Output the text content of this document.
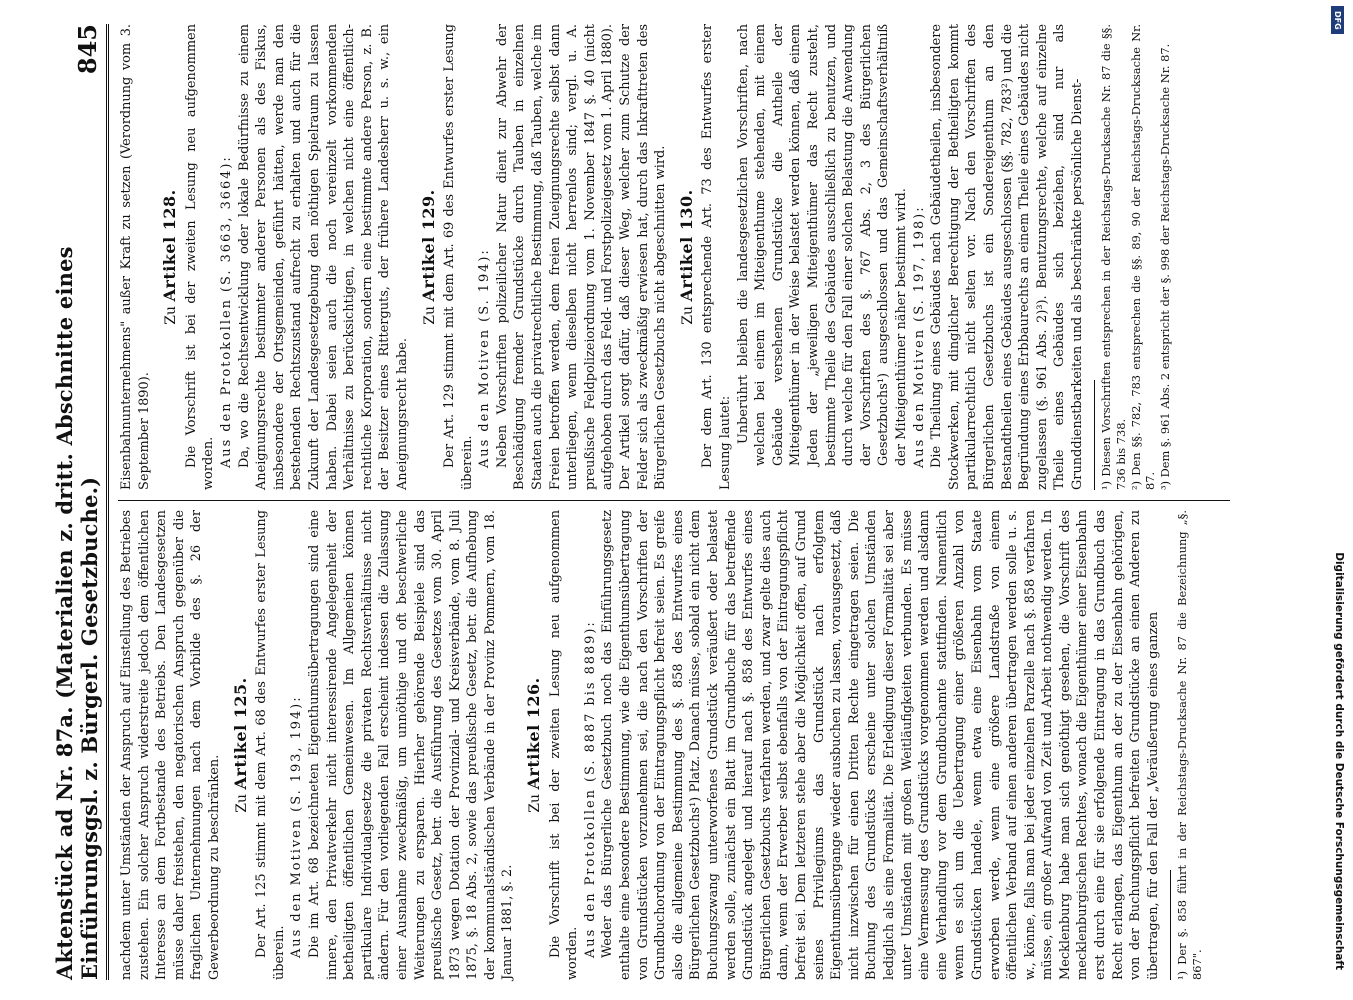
Aktenstück ad Nr. 87a. (Materialien z. dritt. Abschnitte eines Einführungsgsl. z. Bürgerl. Gesetzbuche.)
845

nachdem unter Umständen der Anspruch auf Einstellung des Betriebes zustehen. Ein solcher Anspruch widerstreite jedoch dem öffentlichen Interesse an dem Fortbestande des Betriebs. Den Landesgesetzen müsse daher freistehen, den negatorischen Anspruch gegenüber die fraglichen Unternehmungen nach dem Vorbilde des §. 26 der Gewerbeordnung zu beschränken. Zu Artikel 125. Der Art. 125 stimmt mit dem Art. 68 des Entwurfes erster Lesung überein. Aus den Motiven (S. 193, 194): Die im Art. 68 bezeichneten Eigenthumsübertragungen sind eine innere, den Privatverkehr nicht interessirende Angelegenheit der betheiligten öffentlichen Gemeinwesen. Im Allgemeinen können partikulare Individualgesetze die privaten Rechtsverhältnisse nicht ändern. Für den vorliegenden Fall erscheint indessen die Zulassung einer Ausnahme zweckmäßig, um unnöthige und oft beschwerliche Weiterungen zu ersparen. Hierher gehörende Beispiele sind das preußische Gesetz, betr. die Ausführung des Gesetzes vom 30. April 1873 wegen Dotation der Provinzial- und Kreisverbände, vom 8. Juli 1875, §. 18 Abs. 2, sowie das preußische Gesetz, betr. die Aufhebung der kommunalständischen Verbände in der Provinz Pommern, vom 18. Januar 1881, §. 2.

Zu Artikel 126. Die Vorschrift ist bei der zweiten Lesung neu aufgenommen worden. Aus den Protokollen (S. 8887 bis 8889): Weder das Bürgerliche Gesetzbuch noch das Einführungsgesetz enthalte eine besondere Bestimmung, wie die Eigenthumsübertragung von Grundstücken vorzunehmen sei, die nach den Vorschriften der Grundbuchordnung von der Eintragungspflicht befreit seien. Es greife also die allgemeine Bestimmung des §. 858 des Entwurfes eines Bürgerlichen Gesetzbuchs¹) Platz. Danach müsse, sobald ein nicht dem Buchungszwang unterworfenes Grundstück veräußert oder belastet werden solle, zunächst ein Blatt im Grundbuche für das betreffende Grundstück angelegt und hierauf nach §. 858 des Entwurfes eines Bürgerlichen Gesetzbuchs verfahren werden, und zwar gelte dies auch dann, wenn der Erwerber selbst ebenfalls von der Eintragungspflicht befreit sei. Dem letzteren stehe aber die Möglichkeit offen, auf Grund seines Privilegiums das Grundstück nach erfolgtem Eigenthumsübergange wieder ausbuchen zu lassen, vorausgesetzt, daß nicht inzwischen für einen Dritten Rechte eingetragen seien. Die Buchung des Grundstücks erscheine unter solchen Umständen lediglich als eine Formalität. Die Erledigung dieser Formalität sei aber unter Umständen mit großen Weitläufigkeiten verbunden. Es müsse eine Vermessung des Grundstücks vorgenommen werden und alsdann eine Verhandlung vor dem Grundbuchamte stattfinden. Namentlich wenn es sich um die Uebertragung einer größeren Anzahl von Grundstücken handele, wenn etwa eine Eisenbahn vom Staate erworben werde, wenn eine größere Landstraße von einem öffentlichen Verband auf einen anderen übertragen werden solle u. s. w., könne, falls man bei jeder einzelnen Parzelle nach §. 858 verfahren müsse, ein großer Aufwand von Zeit und Arbeit nothwendig werden. In Mecklenburg habe man sich genöthigt gesehen, die Vorschrift des mecklenburgischen Rechtes, wonach die Eigenthümer einer Eisenbahn erst durch eine für sie erfolgende Eintragung in das Grundbuch das Recht erlangen, das Eigenthum an der zu der Eisenbahn gehörigen, von der Buchungspflicht befreiten Grundstücke an einen Anderen zu übertragen, für den Fall der „Veräußerung eines ganzen ¹) Der §. 858 führt in der Reichstags-Drucksache Nr. 87 die Bezeichnung „§. 867".

Eisenbahnunternehmens" außer Kraft zu setzen (Verordnung vom 3. September 1890).

Zu Artikel 128. Die Vorschrift ist bei der zweiten Lesung neu aufgenommen worden. Aus den Protokollen (S. 3663, 3664): Da, wo die Rechtsentwicklung oder lokale Bedürfnisse zu einem Aneignungsrechte bestimmter anderer Personen als des Fiskus, insbesondere der Ortsgemeinden, geführt hätten, werde man den bestehenden Rechtszustand aufrecht zu erhalten und auch für die Zukunft der Landesgesetzgebung den nöthigen Spielraum zu lassen haben. Dabei seien auch die noch vereinzelt vorkommenden Verhältnisse zu berücksichtigen, in welchen nicht eine öffentlich-rechtliche Korporation, sondern eine bestimmte andere Person, z. B. der Besitzer eines Ritterguts, der frühere Landesherr u. s. w., ein Aneignungsrecht habe.

Zu Artikel 129. Der Art. 129 stimmt mit dem Art. 69 des Entwurfes erster Lesung überein. Aus den Motiven (S. 194): Neben Vorschriften polizeilicher Natur dient zur Abwehr der Beschädigung fremder Grundstücke durch Tauben in einzelnen Staaten auch die privatrechtliche Bestimmung, daß Tauben, welche im Freien betroffen werden, dem freien Zueignungsrechte selbst dann unterliegen, wenn dieselben nicht herrenlos sind; vergl. u. A. preußische Feldpolizeiordnung vom 1. November 1847 §. 40 (nicht aufgehoben durch das Feld- und Forstpolizeigesetz vom 1. April 1880). Der Artikel sorgt dafür, daß dieser Weg, welcher zum Schutze der Felder sich als zweckmäßig erwiesen hat, durch das Inkrafttreten des Bürgerlichen Gesetzbuchs nicht abgeschnitten wird. Zu Artikel 130. Der dem Art. 130 entsprechende Art. 73 des Entwurfes erster Lesung lautet: Unberührt bleiben die landesgesetzlichen Vorschriften, nach welchen bei einem im Miteigenthume stehenden, mit einem Gebäude versehenen Grundstücke die Antheile der Miteigenthümer in der Weise belastet werden können, daß einem Jeden der „jeweiligen Miteigenthümer das Recht zusteht, bestimmte Theile des Gebäudes ausschließlich zu benutzen, und durch welche für den Fall einer solchen Belastung die Anwendung der Vorschriften des §. 767 Abs. 2, 3 des Bürgerlichen Gesetzbuchs¹) ausgeschlossen und das Gemeinschaftsverhältniß der Miteigenthümer näher bestimmt wird. Aus den Motiven (S. 197, 198): Die Theilung eines Gebäudes nach Gebäudetheilen, insbesondere Stockwerken, mit dinglicher Berechtigung der Betheiligten kommt partikularrechtlich nicht selten vor. Nach den Vorschriften des Bürgerlichen Gesetzbuchs ist ein Sondereigenthum an den Bestandtheilen eines Gebäudes ausgeschlossen (§§. 782, 783²) und die Begründung eines Erbbaurechts an einem Theile eines Gebäudes nicht zugelassen (§. 961 Abs. 2)³). Benutzungsrechte, welche auf einzelne Theile eines Gebäudes sich beziehen, sind nur als Grunddienstbarkeiten und als beschränkte persönliche Dienst- ¹) Diesen Vorschriften entsprechen in der Reichstags-Drucksache Nr. 87 die §§. 736 bis 738. ²) Den §§. 782, 783 entsprechen die §§. 89, 90 der Reichstags-Drucksache Nr. 87. ³) Dem §. 961 Abs. 2 entspricht der §. 998 der Reichstags-Drucksache Nr. 87.

Digitalisierung gefördert durch die Deutsche Forschungsgemeinschaft
DFG
